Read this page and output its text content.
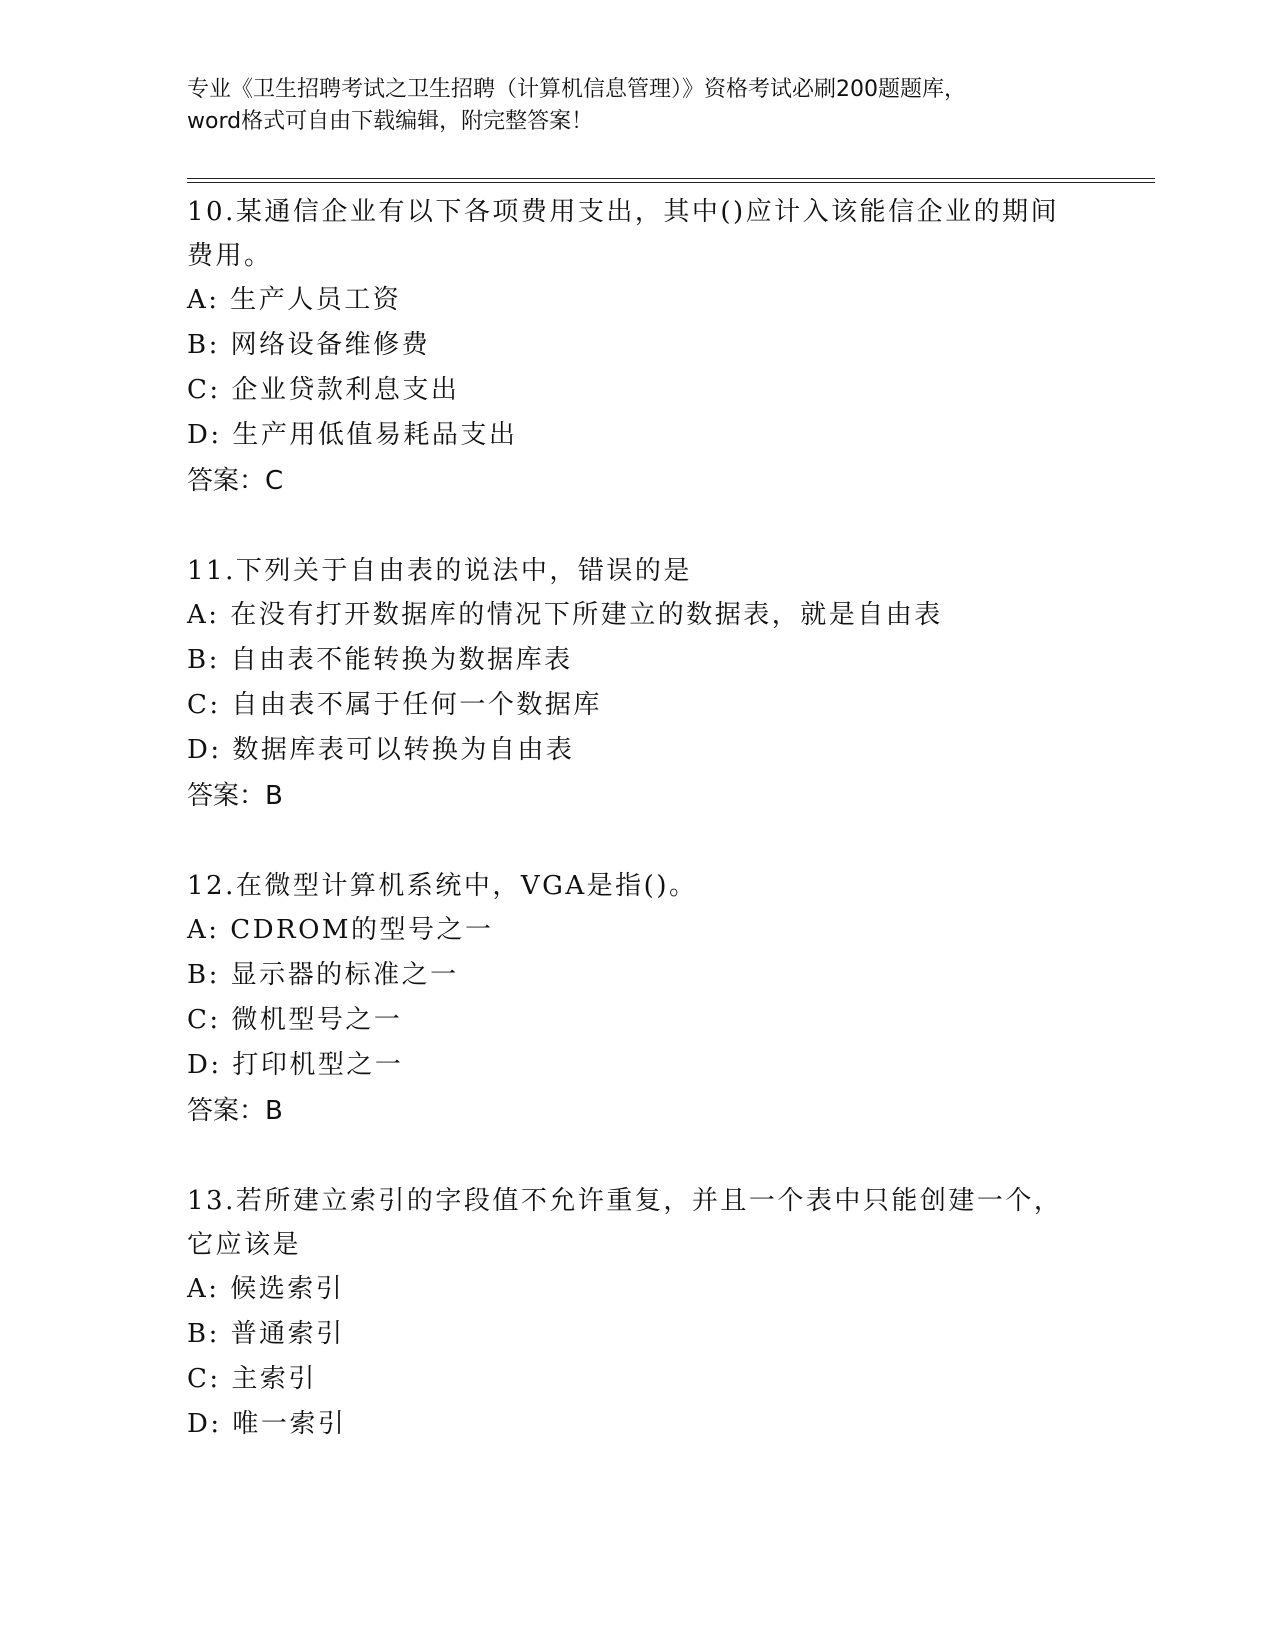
专业《卫生招聘考试之卫生招聘（计算机信息管理）》资格考试必刷200题题库，
word格式可自由下载编辑，附完整答案！
10.某通信企业有以下各项费用支出，其中()应计入该能信企业的期间
费用。
A: 生产人员工资
B: 网络设备维修费
C: 企业贷款利息支出
D: 生产用低值易耗品支出
答案：C
11.下列关于自由表的说法中，错误的是
A: 在没有打开数据库的情况下所建立的数据表，就是自由表
B: 自由表不能转换为数据库表
C: 自由表不属于任何一个数据库
D: 数据库表可以转换为自由表
答案：B
12.在微型计算机系统中，VGA是指()。
A: CDROM的型号之一
B: 显示器的标准之一
C: 微机型号之一
D: 打印机型之一
答案：B
13.若所建立索引的字段值不允许重复，并且一个表中只能创建一个，
它应该是
A: 候选索引
B: 普通索引
C: 主索引
D: 唯一索引
